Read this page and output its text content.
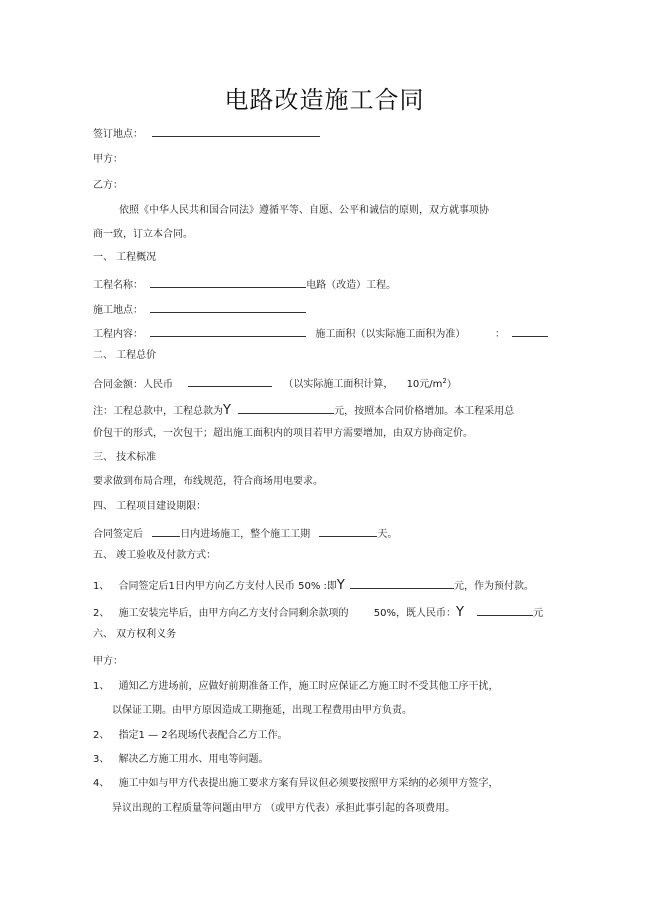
电路改造施工合同
签订地点：
甲方：
乙方：
依照《中华人民共和国合同法》遵循平等、自愿、公平和诚信的原则，双方就事项协
商一致，订立本合同。
一、 工程概况
工程名称：	电路（改造）工程。
施工地点：
工程内容：	施工面积（以实际施工面积为准）	：
二、 工程总价
合同金额：人民币	（以实际施工面积计算， 10元$/m^2$）
注：工程总款中，工程总款为Y	元，按照本合同价格增加。本工程采用总
价包干的形式，一次包干；超出施工面积内的项目若甲方需要增加，由双方协商定价。
三、 技术标准
要求做到布局合理，布线规范，符合商场用电要求。
四、 工程项目建设期限：
合同签定后	日内进场施工，整个施工工期	天。
五、 竣工验收及付款方式：
1、 合同签定后1日内甲方向乙方支付人民币 50% :即Y	元，作为预付款。
2、 施工安装完毕后，由甲方向乙方支付合同剩余款项的	50%，既人民币：Y	元
六、 双方权利义务
甲方：
1、 通知乙方进场前，应做好前期准备工作，施工时应保证乙方施工时不受其他工序干扰，
以保证工期。由甲方原因造成工期拖延，出现工程费用由甲方负责。
2、 指定1 — 2名现场代表配合乙方工作。
3、 解决乙方施工用水、用电等问题。
4、 施工中如与甲方代表提出施工要求方案有异议但必须要按照甲方采纳的必须甲方签字，
异议出现的工程质量等问题由甲方 （或甲方代表）承担此事引起的各项费用。
